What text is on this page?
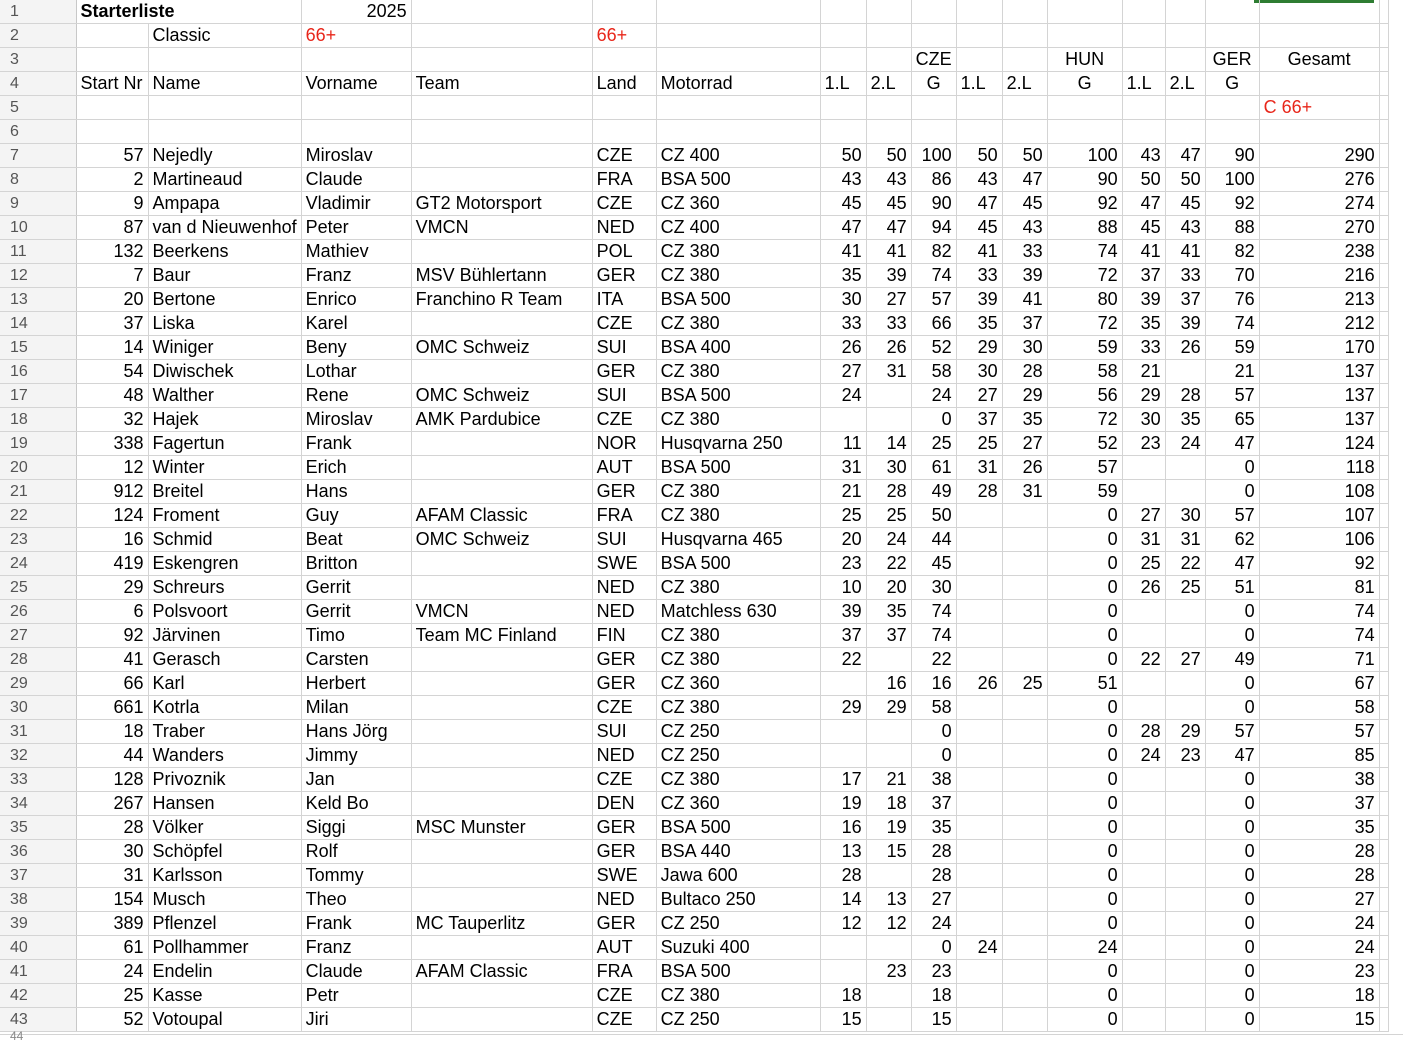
1	Starterliste		2025														
2		Classic	66+		66+												
3									CZE			HUN			GER	Gesamt	
4	Start Nr	Name	Vorname	Team	Land	Motorrad	1.L	2.L	G	1.L	2.L	G	1.L	2.L	G		
5																C 66+	
6																	
7	57	Nejedly	Miroslav		CZE	CZ 400	50	50	100	50	50	100	43	47	90	290	
8	2	Martineaud	Claude		FRA	BSA 500	43	43	86	43	47	90	50	50	100	276	
9	9	Ampapa	Vladimir	GT2 Motorsport	CZE	CZ 360	45	45	90	47	45	92	47	45	92	274	
10	87	van d Nieuwenhof	Peter	VMCN	NED	CZ 400	47	47	94	45	43	88	45	43	88	270	
11	132	Beerkens	Mathiev		POL	CZ 380	41	41	82	41	33	74	41	41	82	238	
12	7	Baur	Franz	MSV Bühlertann	GER	CZ 380	35	39	74	33	39	72	37	33	70	216	
13	20	Bertone	Enrico	Franchino R Team	ITA	BSA 500	30	27	57	39	41	80	39	37	76	213	
14	37	Liska	Karel		CZE	CZ 380	33	33	66	35	37	72	35	39	74	212	
15	14	Winiger	Beny	OMC Schweiz	SUI	BSA 400	26	26	52	29	30	59	33	26	59	170	
16	54	Diwischek	Lothar		GER	CZ 380	27	31	58	30	28	58	21		21	137	
17	48	Walther	Rene	OMC Schweiz	SUI	BSA 500	24		24	27	29	56	29	28	57	137	
18	32	Hajek	Miroslav	AMK Pardubice	CZE	CZ 380			0	37	35	72	30	35	65	137	
19	338	Fagertun	Frank		NOR	Husqvarna 250	11	14	25	25	27	52	23	24	47	124	
20	12	Winter	Erich		AUT	BSA 500	31	30	61	31	26	57			0	118	
21	912	Breitel	Hans		GER	CZ 380	21	28	49	28	31	59			0	108	
22	124	Froment	Guy	AFAM Classic	FRA	CZ 380	25	25	50			0	27	30	57	107	
23	16	Schmid	Beat	OMC Schweiz	SUI	Husqvarna 465	20	24	44			0	31	31	62	106	
24	419	Eskengren	Britton		SWE	BSA 500	23	22	45			0	25	22	47	92	
25	29	Schreurs	Gerrit		NED	CZ 380	10	20	30			0	26	25	51	81	
26	6	Polsvoort	Gerrit	VMCN	NED	Matchless 630	39	35	74			0			0	74	
27	92	Järvinen	Timo	Team MC Finland	FIN	CZ 380	37	37	74			0			0	74	
28	41	Gerasch	Carsten		GER	CZ 380	22		22			0	22	27	49	71	
29	66	Karl	Herbert		GER	CZ 360		16	16	26	25	51			0	67	
30	661	Kotrla	Milan		CZE	CZ 380	29	29	58			0			0	58	
31	18	Traber	Hans Jörg		SUI	CZ 250			0			0	28	29	57	57	
32	44	Wanders	Jimmy		NED	CZ 250			0			0	24	23	47	85	
33	128	Privoznik	Jan		CZE	CZ 380	17	21	38			0			0	38	
34	267	Hansen	Keld Bo		DEN	CZ 360	19	18	37			0			0	37	
35	28	Völker	Siggi	MSC Munster	GER	BSA 500	16	19	35			0			0	35	
36	30	Schöpfel	Rolf		GER	BSA 440	13	15	28			0			0	28	
37	31	Karlsson	Tommy		SWE	Jawa 600	28		28			0			0	28	
38	154	Musch	Theo		NED	Bultaco 250	14	13	27			0			0	27	
39	389	Pflenzel	Frank	MC Tauperlitz	GER	CZ 250	12	12	24			0			0	24	
40	61	Pollhammer	Franz		AUT	Suzuki 400			0	24		24			0	24	
41	24	Endelin	Claude	AFAM Classic	FRA	BSA 500		23	23			0			0	23	
42	25	Kasse	Petr		CZE	CZ 380	18		18			0			0	18	
43	52	Votoupal	Jiri		CZE	CZ 250	15		15			0			0	15	
44
